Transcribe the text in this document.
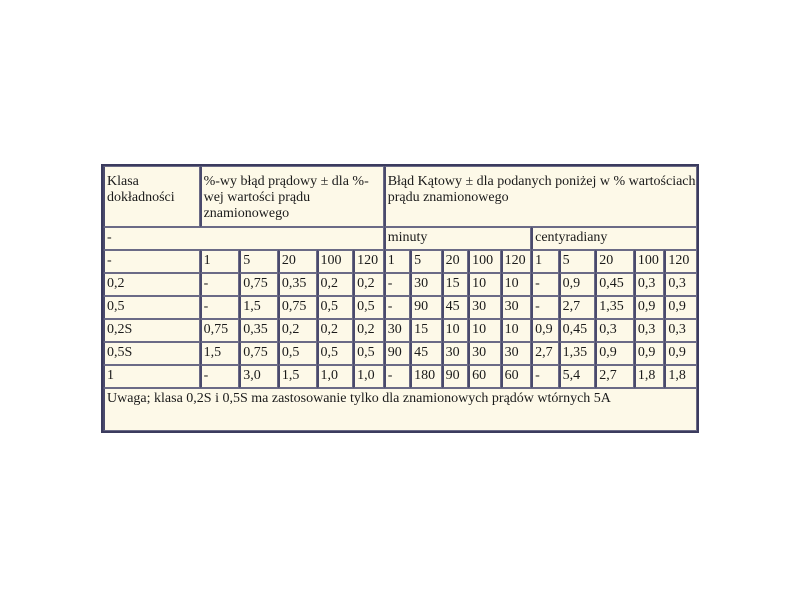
Klasa dokładności	%-wy błąd prądowy ± dla %-wej wartości prądu znamionowego					Błąd Kątowy ± dla podanych poniżej w % wartościach prądu znamionowego									
-						minuty					centyradiany				
-	1	5	20	100	120	1	5	20	100	120	1	5	20	100	120
0,2	-	0,75	0,35	0,2	0,2	-	30	15	10	10	-	0,9	0,45	0,3	0,3
0,5	-	1,5	0,75	0,5	0,5	-	90	45	30	30	-	2,7	1,35	0,9	0,9
0,2S	0,75	0,35	0,2	0,2	0,2	30	15	10	10	10	0,9	0,45	0,3	0,3	0,3
0,5S	1,5	0,75	0,5	0,5	0,5	90	45	30	30	30	2,7	1,35	0,9	0,9	0,9
1	-	3,0	1,5	1,0	1,0	-	180	90	60	60	-	5,4	2,7	1,8	1,8
Uwaga; klasa 0,2S i 0,5S ma zastosowanie tylko dla znamionowych prądów wtórnych 5A															
